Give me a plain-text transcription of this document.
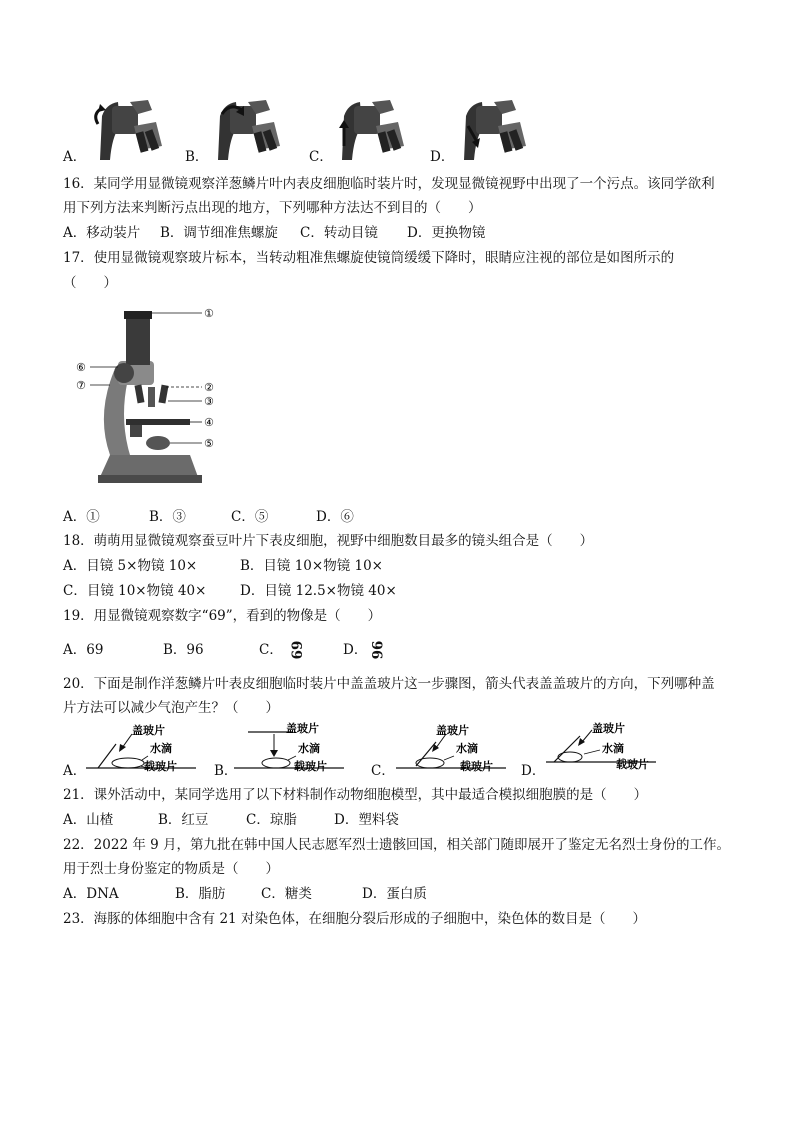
A．	B．	C．	D．
16．某同学用显微镜观察洋葱鳞片叶内表皮细胞临时装片时，发现显微镜视野中出现了一个污点。该同学欲利
用下列方法来判断污点出现的地方，下列哪种方法达不到目的（　　）
A．移动装片 B．调节细准焦螺旋 C．转动目镜 D．更换物镜
17．使用显微镜观察玻片标本，当转动粗准焦螺旋使镜筒缓缓下降时，眼睛应注视的部位是如图所示的
（　　）
①
②
③
④
⑤
⑥
⑦
A．①	B．③	C．⑤	D．⑥
18．萌萌用显微镜观察蚕豆叶片下表皮细胞，视野中细胞数目最多的镜头组合是（　　）
A．目镜 5×物镜 10×	B．目镜 10×物镜 10×
C．目镜 10×物镜 40× D．目镜 12.5×物镜 40×
19．用显微镜观察数字“69”，看到的物像是（　　）
A．69	B．96	C． 69	D． 96
20．下面是制作洋葱鳞片叶表皮细胞临时装片中盖盖玻片这一步骤图，箭头代表盖盖玻片的方向，下列哪种盖
片方法可以减少气泡产生？（　　）
A．
盖玻片
水滴
载玻片	B．
盖玻片
水滴
载玻片	C．
盖玻片
水滴
载玻片 D．
盖玻片
水滴
载玻片
21．课外活动中，某同学选用了以下材料制作动物细胞模型，其中最适合模拟细胞膜的是（　　）
A．山楂	B．红豆	C．琼脂	D．塑料袋
22．2022 年 9 月，第九批在韩中国人民志愿军烈士遗骸回国，相关部门随即展开了鉴定无名烈士身份的工作。
用于烈士身份鉴定的物质是（　　）
A．DNA	B．脂肪	C．糖类	D．蛋白质
23．海豚的体细胞中含有 21 对染色体，在细胞分裂后形成的子细胞中，染色体的数目是（　　）
